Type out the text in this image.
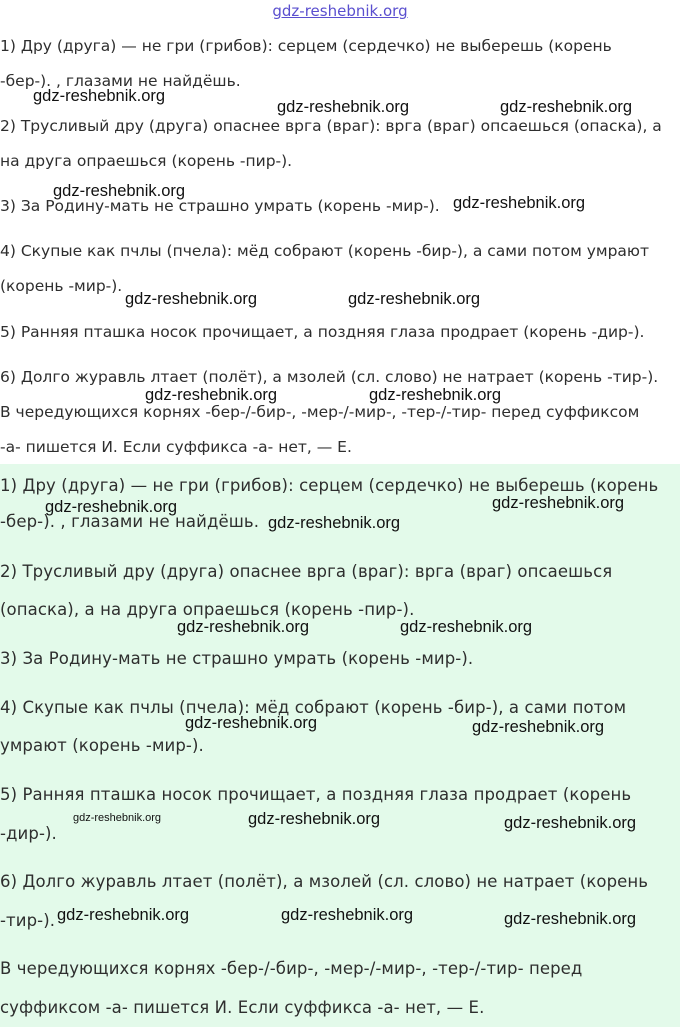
1) Дру (друга) — не гри (грибов): серцем (сердечко) не выберешь (корень
-бер-). , глазами не найдёшь.
2) Трусливый дру (друга) опаснее врга (враг): врга (враг) опсаешься (опаска), а
на друга опраешься (корень -пир-).
3) За Родину-мать не страшно умрать (корень -мир-).
4) Скупые как пчлы (пчела): мёд собрают (корень -бир-), а сами потом умрают
(корень -мир-).
5) Ранняя пташка носок прочищает, а поздняя глаза продрает (корень -дир-).
6) Долго журавль лтает (полёт), а мзолей (сл. слово) не натрает (корень -тир-).
В чередующихся корнях -бер-/-бир-, -мер-/-мир-, -тер-/-тир- перед суффиксом
-а- пишется И. Если суффикса -а- нет, — Е.
1) Дру (друга) — не гри (грибов): серцем (сердечко) не выберешь (корень
-бер-). , глазами не найдёшь.
2) Трусливый дру (друга) опаснее врга (враг): врга (враг) опсаешься
(опаска), а на друга опраешься (корень -пир-).
3) За Родину-мать не страшно умрать (корень -мир-).
4) Скупые как пчлы (пчела): мёд собрают (корень -бир-), а сами потом
умрают (корень -мир-).
5) Ранняя пташка носок прочищает, а поздняя глаза продрает (корень
-дир-).
6) Долго журавль лтает (полёт), а мзолей (сл. слово) не натрает (корень
-тир-).
В чередующихся корнях -бер-/-бир-, -мер-/-мир-, -тер-/-тир- перед
суффиксом -а- пишется И. Если суффикса -а- нет, — Е.
gdz-reshebnik.org
gdz-reshebnik.org
gdz-reshebnik.org	gdz-reshebnik.org
gdz-reshebnik.org
gdz-reshebnik.org
gdz-reshebnik.org	gdz-reshebnik.org
gdz-reshebnik.org	gdz-reshebnik.org
gdz-reshebnik.org	gdz-reshebnik.org
gdz-reshebnik.org
gdz-reshebnik.org	gdz-reshebnik.org
gdz-reshebnik.org	gdz-reshebnik.org
gdz-reshebnik.org	gdz-reshebnik.org	gdz-reshebnik.org
gdz-reshebnik.org	gdz-reshebnik.org	gdz-reshebnik.org
